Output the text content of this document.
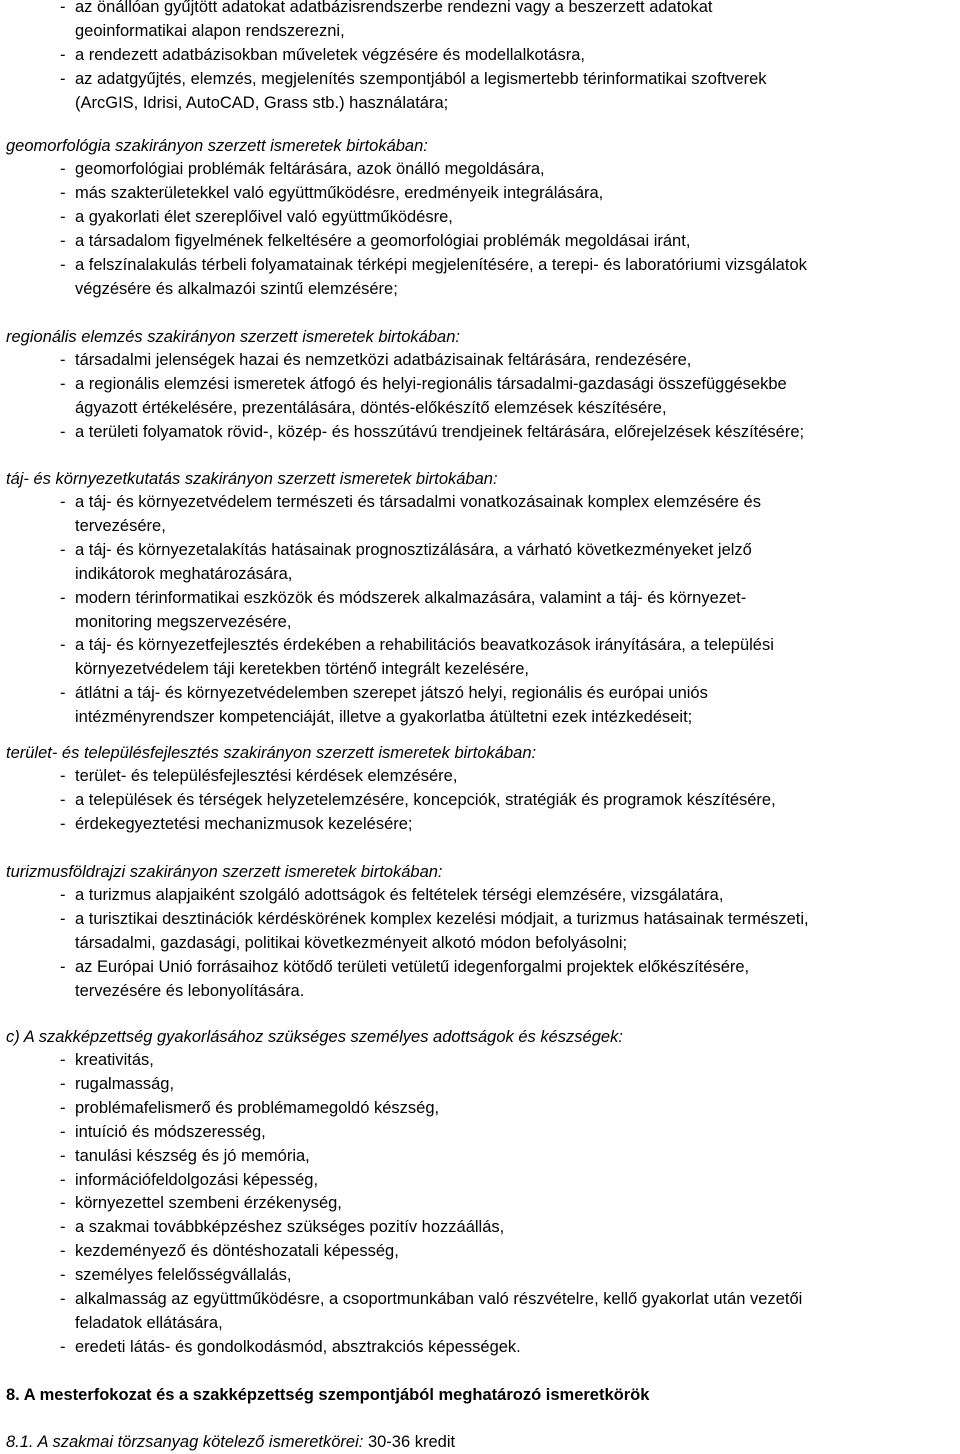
- az önállóan gyűjtött adatokat adatbázisrendszerbe rendezni vagy a beszerzett adatokat
geoinformatikai alapon rendszerezni,
- a rendezett adatbázisokban műveletek végzésére és modellalkotásra,
- az adatgyűjtés, elemzés, megjelenítés szempontjából a legismertebb térinformatikai szoftverek
(ArcGIS, Idrisi, AutoCAD, Grass stb.) használatára;
geomorfológia szakirányon szerzett ismeretek birtokában:
- geomorfológiai problémák feltárására, azok önálló megoldására,
- más szakterületekkel való együttműködésre, eredményeik integrálására,
- a gyakorlati élet szereplőivel való együttműködésre,
- a társadalom figyelmének felkeltésére a geomorfológiai problémák megoldásai iránt,
- a felszínalakulás térbeli folyamatainak térképi megjelenítésére, a terepi- és laboratóriumi vizsgálatok
végzésére és alkalmazói szintű elemzésére;
regionális elemzés szakirányon szerzett ismeretek birtokában:
- társadalmi jelenségek hazai és nemzetközi adatbázisainak feltárására, rendezésére,
- a regionális elemzési ismeretek átfogó és helyi-regionális társadalmi-gazdasági összefüggésekbe
ágyazott értékelésére, prezentálására, döntés-előkészítő elemzések készítésére,
- a területi folyamatok rövid-, közép- és hosszútávú trendjeinek feltárására, előrejelzések készítésére;
táj- és környezetkutatás szakirányon szerzett ismeretek birtokában:
- a táj- és környezetvédelem természeti és társadalmi vonatkozásainak komplex elemzésére és
tervezésére,
- a táj- és környezetalakítás hatásainak prognosztizálására, a várható következményeket jelző
indikátorok meghatározására,
- modern térinformatikai eszközök és módszerek alkalmazására, valamint a táj- és környezet-
monitoring megszervezésére,
- a táj- és környezetfejlesztés érdekében a rehabilitációs beavatkozások irányítására, a települési
környezetvédelem táji keretekben történő integrált kezelésére,
- átlátni a táj- és környezetvédelemben szerepet játszó helyi, regionális és európai uniós
intézményrendszer kompetenciáját, illetve a gyakorlatba átültetni ezek intézkedéseit;
terület- és településfejlesztés szakirányon szerzett ismeretek birtokában:
- terület- és településfejlesztési kérdések elemzésére,
- a települések és térségek helyzetelemzésére, koncepciók, stratégiák és programok készítésére,
- érdekegyeztetési mechanizmusok kezelésére;
turizmusföldrajzi szakirányon szerzett ismeretek birtokában:
- a turizmus alapjaiként szolgáló adottságok és feltételek térségi elemzésére, vizsgálatára,
- a turisztikai desztinációk kérdéskörének komplex kezelési módjait, a turizmus hatásainak természeti,
társadalmi, gazdasági, politikai következményeit alkotó módon befolyásolni;
- az Európai Unió forrásaihoz kötődő területi vetületű idegenforgalmi projektek előkészítésére,
tervezésére és lebonyolítására.
c) A szakképzettség gyakorlásához szükséges személyes adottságok és készségek:
- kreativitás,
- rugalmasság,
- problémafelismerő és problémamegoldó készség,
- intuíció és módszeresség,
- tanulási készség és jó memória,
- információfeldolgozási képesség,
- környezettel szembeni érzékenység,
- a szakmai továbbképzéshez szükséges pozitív hozzáállás,
- kezdeményező és döntéshozatali képesség,
- személyes felelősségvállalás,
- alkalmasság az együttműködésre, a csoportmunkában való részvételre, kellő gyakorlat után vezetői
feladatok ellátására,
- eredeti látás- és gondolkodásmód, absztrakciós képességek.
8. A mesterfokozat és a szakképzettség szempontjából meghatározó ismeretkörök
8.1. A szakmai törzsanyag kötelező ismeretkörei: 30-36 kredit
